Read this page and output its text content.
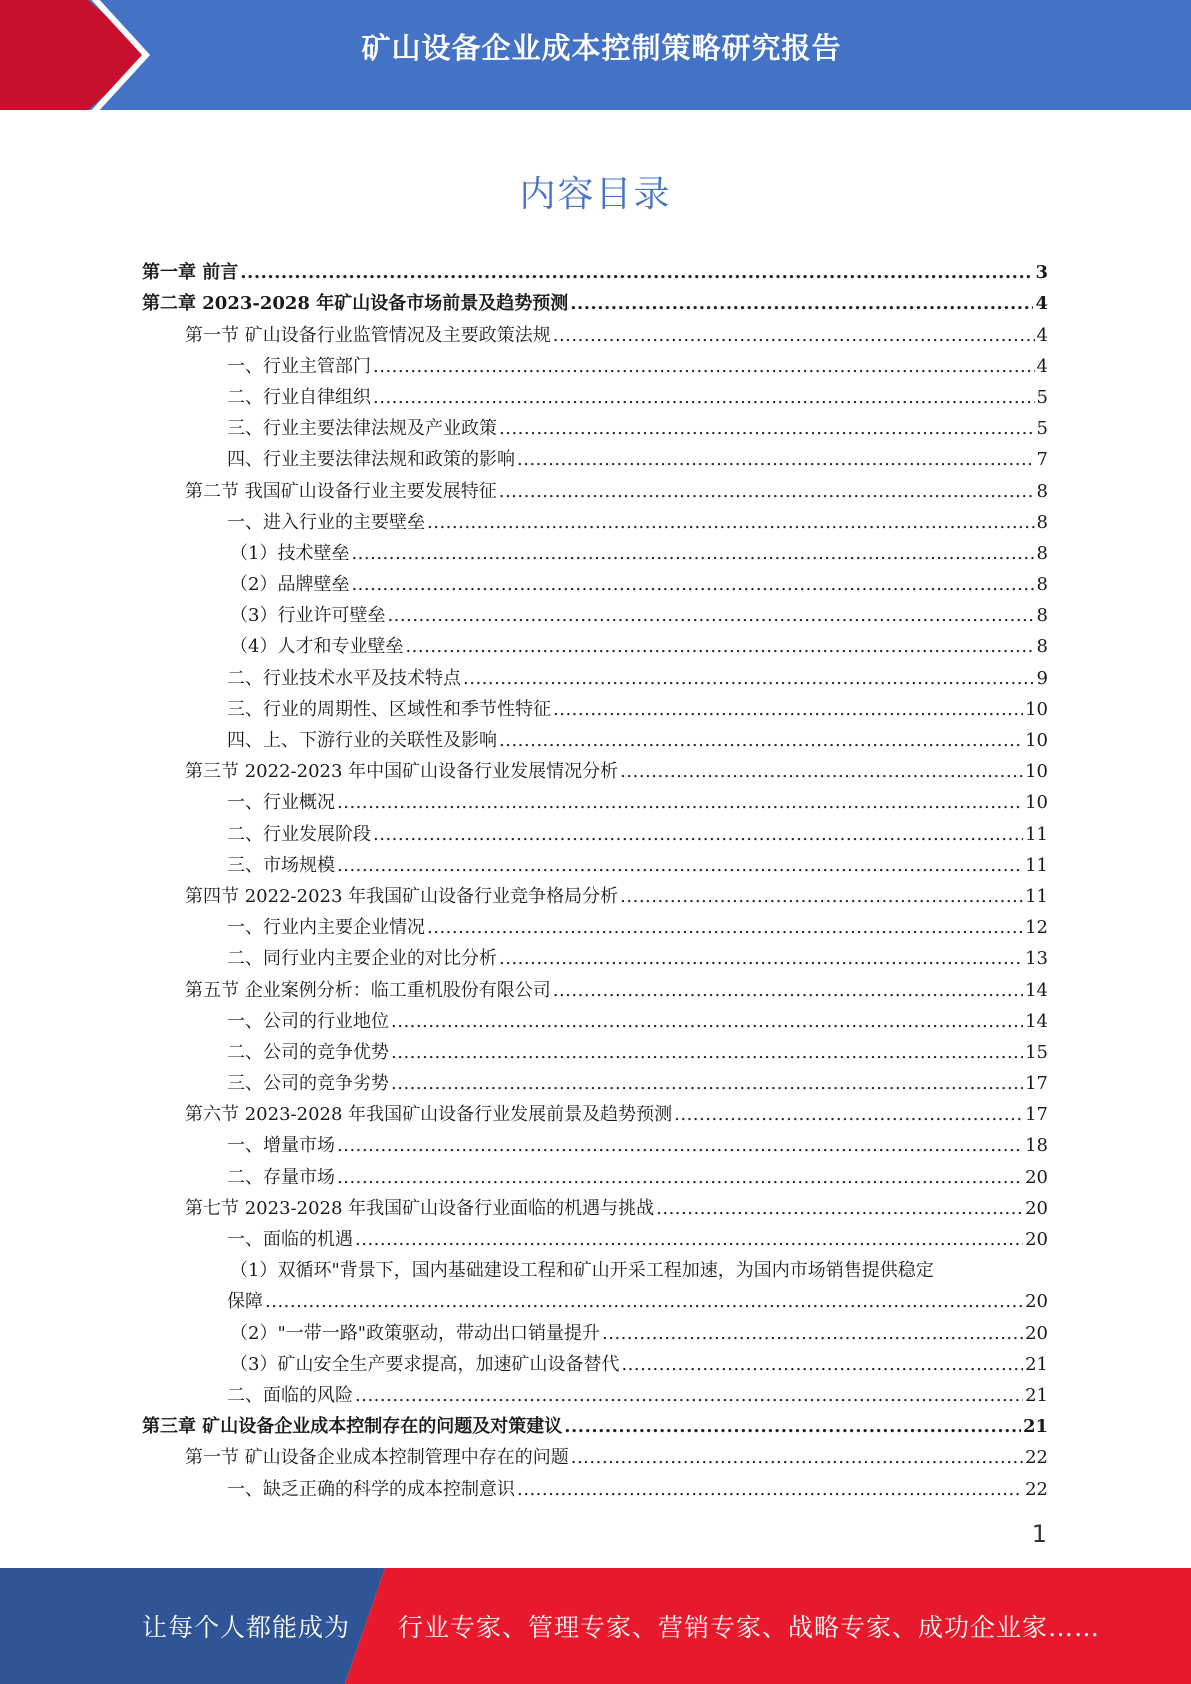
矿山设备企业成本控制策略研究报告
内容目录
第一章 前言 .....	3
第二章 2023-2028 年矿山设备市场前景及趋势预测 .....	4
第一节 矿山设备行业监管情况及主要政策法规 .....	4
一、行业主管部门 .....	4
二、行业自律组织 .....	5
三、行业主要法律法规及产业政策 .....	5
四、行业主要法律法规和政策的影响 .....	7
第二节 我国矿山设备行业主要发展特征 .....	8
一、进入行业的主要壁垒 .....	8
（1）技术壁垒 .....	8
（2）品牌壁垒 .....	8
（3）行业许可壁垒 .....	8
（4）人才和专业壁垒 .....	8
二、行业技术水平及技术特点 .....	9
三、行业的周期性、区域性和季节性特征 .....	10
四、上、下游行业的关联性及影响 .....	10
第三节 2022-2023 年中国矿山设备行业发展情况分析 .....	10
一、行业概况 .....	10
二、行业发展阶段 .....	11
三、市场规模 .....	11
第四节 2022-2023 年我国矿山设备行业竞争格局分析 .....	11
一、行业内主要企业情况 .....	12
二、同行业内主要企业的对比分析 .....	13
第五节 企业案例分析：临工重机股份有限公司 .....	14
一、公司的行业地位 .....	14
二、公司的竞争优势 .....	15
三、公司的竞争劣势 .....	17
第六节 2023-2028 年我国矿山设备行业发展前景及趋势预测 .....	17
一、增量市场 .....	18
二、存量市场 .....	20
第七节 2023-2028 年我国矿山设备行业面临的机遇与挑战 .....	20
一、面临的机遇 .....	20
（1）双循环"背景下，国内基础建设工程和矿山开采工程加速，为国内市场销售提供稳定
保障 .....	20
（2）"一带一路"政策驱动，带动出口销量提升 .....	20
（3）矿山安全生产要求提高，加速矿山设备替代 .....	21
二、面临的风险 .....	21
第三章 矿山设备企业成本控制存在的问题及对策建议 .....	21
第一节 矿山设备企业成本控制管理中存在的问题 .....	22
一、缺乏正确的科学的成本控制意识 .....	22
1
让每个人都能成为 行业专家、管理专家、营销专家、战略专家、成功企业家……
